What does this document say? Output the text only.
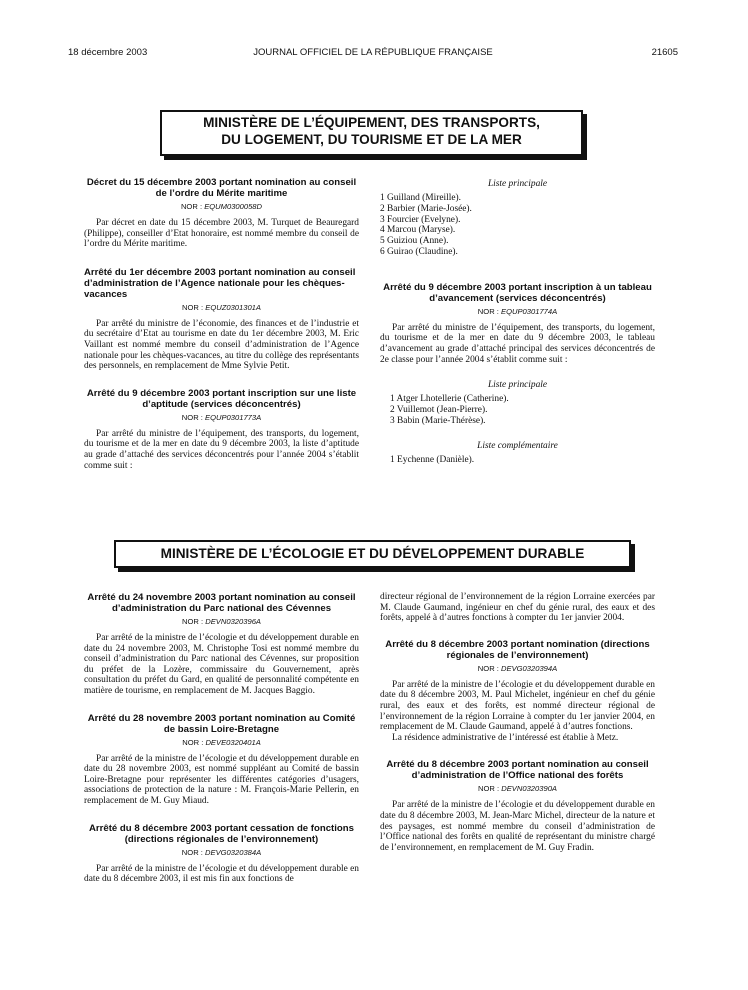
18 décembre 2003	JOURNAL OFFICIEL DE LA RÉPUBLIQUE FRANÇAISE	21605
MINISTÈRE DE L’ÉQUIPEMENT, DES TRANSPORTS,
DU LOGEMENT, DU TOURISME ET DE LA MER

Décret du 15 décembre 2003 portant nomination au conseil de l’ordre du Mérite maritime

NOR : EQUM0300058D

Par décret en date du 15 décembre 2003, M. Turquet de Beauregard (Philippe), conseiller d’Etat honoraire, est nommé membre du conseil de l’ordre du Mérite maritime.

Arrêté du 1er décembre 2003 portant nomination au conseil d’administration de l’Agence nationale pour les chèques-vacances

NOR : EQUZ0301301A

Par arrêté du ministre de l’économie, des finances et de l’industrie et du secrétaire d’Etat au tourisme en date du 1er décembre 2003, M. Eric Vaillant est nommé membre du conseil d’administration de l’Agence nationale pour les chèques-vacances, au titre du collège des représentants des personnels, en remplacement de Mme Sylvie Petit.

Arrêté du 9 décembre 2003 portant inscription sur une liste d’aptitude (services déconcentrés)

NOR : EQUP0301773A

Par arrêté du ministre de l’équipement, des transports, du logement, du tourisme et de la mer en date du 9 décembre 2003, la liste d’aptitude au grade d’attaché des services déconcentrés pour l’année 2004 s’établit comme suit :

Liste principale

1 Guilland (Mireille).

2 Barbier (Marie-Josée).

3 Fourcier (Evelyne).

4 Marcou (Maryse).

5 Guiziou (Anne).

6 Guirao (Claudine).

Arrêté du 9 décembre 2003 portant inscription à un tableau d’avancement (services déconcentrés)

NOR : EQUP0301774A

Par arrêté du ministre de l’équipement, des transports, du logement, du tourisme et de la mer en date du 9 décembre 2003, le tableau d’avancement au grade d’attaché principal des services déconcentrés de 2e classe pour l’année 2004 s’établit comme suit :

Liste principale

1 Atger Lhotellerie (Catherine).

2 Vuillemot (Jean-Pierre).

3 Babin (Marie-Thérèse).

Liste complémentaire

1 Eychenne (Danièle).

MINISTÈRE DE L’ÉCOLOGIE ET DU DÉVELOPPEMENT DURABLE

Arrêté du 24 novembre 2003 portant nomination au conseil d’administration du Parc national des Cévennes

NOR : DEVN0320396A

Par arrêté de la ministre de l’écologie et du développement durable en date du 24 novembre 2003, M. Christophe Tosi est nommé membre du conseil d’administration du Parc national des Cévennes, sur proposition du préfet de la Lozère, commissaire du Gouvernement, après consultation du préfet du Gard, en qualité de personnalité compétente en matière de tourisme, en remplacement de M. Jacques Baggio.

Arrêté du 28 novembre 2003 portant nomination au Comité de bassin Loire-Bretagne

NOR : DEVE0320401A

Par arrêté de la ministre de l’écologie et du développement durable en date du 28 novembre 2003, est nommé suppléant au Comité de bassin Loire-Bretagne pour représenter les différentes catégories d’usagers, associations de protection de la nature : M. François-Marie Pellerin, en remplacement de M. Guy Miaud.

Arrêté du 8 décembre 2003 portant cessation de fonctions (directions régionales de l’environnement)

NOR : DEVG0320384A

Par arrêté de la ministre de l’écologie et du développement durable en date du 8 décembre 2003, il est mis fin aux fonctions de

directeur régional de l’environnement de la région Lorraine exercées par M. Claude Gaumand, ingénieur en chef du génie rural, des eaux et des forêts, appelé à d’autres fonctions à compter du 1er janvier 2004.

Arrêté du 8 décembre 2003 portant nomination (directions régionales de l’environnement)

NOR : DEVG0320394A

Par arrêté de la ministre de l’écologie et du développement durable en date du 8 décembre 2003, M. Paul Michelet, ingénieur en chef du génie rural, des eaux et des forêts, est nommé directeur régional de l’environnement de la région Lorraine à compter du 1er janvier 2004, en remplacement de M. Claude Gaumand, appelé à d’autres fonctions.

La résidence administrative de l’intéressé est établie à Metz.

Arrêté du 8 décembre 2003 portant nomination au conseil d’administration de l’Office national des forêts

NOR : DEVN0320390A

Par arrêté de la ministre de l’écologie et du développement durable en date du 8 décembre 2003, M. Jean-Marc Michel, directeur de la nature et des paysages, est nommé membre du conseil d’administration de l’Office national des forêts en qualité de représentant du ministre chargé de l’environnement, en remplacement de M. Guy Fradin.
